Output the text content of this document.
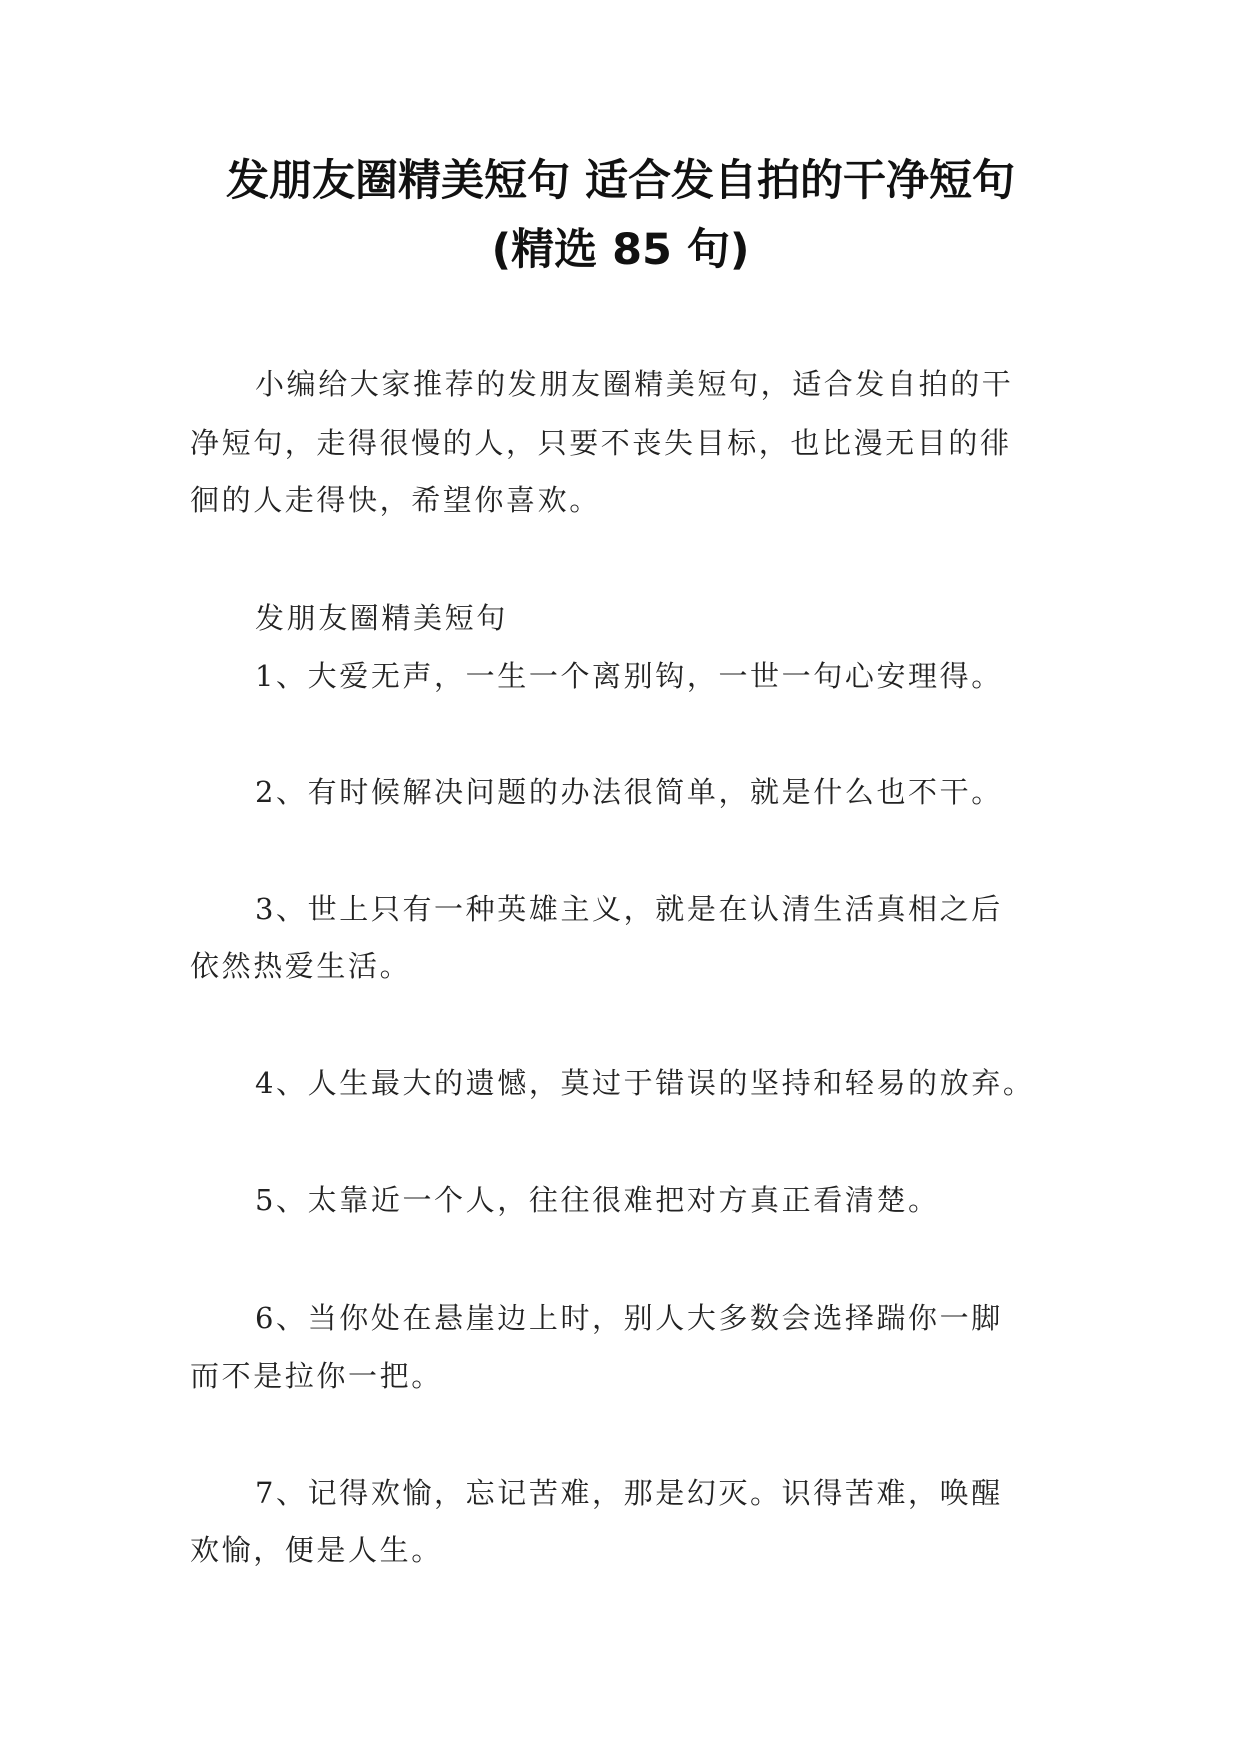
发朋友圈精美短句 适合发自拍的干净短句
(精选 85 句)
小编给大家推荐的发朋友圈精美短句，适合发自拍的干
净短句，走得很慢的人，只要不丧失目标，也比漫无目的徘
徊的人走得快，希望你喜欢。
发朋友圈精美短句
1、大爱无声，一生一个离别钩，一世一句心安理得。
2、有时候解决问题的办法很简单，就是什么也不干。
3、世上只有一种英雄主义，就是在认清生活真相之后
依然热爱生活。
4、人生最大的遗憾，莫过于错误的坚持和轻易的放弃。
5、太靠近一个人，往往很难把对方真正看清楚。
6、当你处在悬崖边上时，别人大多数会选择踹你一脚
而不是拉你一把。
7、记得欢愉，忘记苦难，那是幻灭。识得苦难，唤醒
欢愉，便是人生。
